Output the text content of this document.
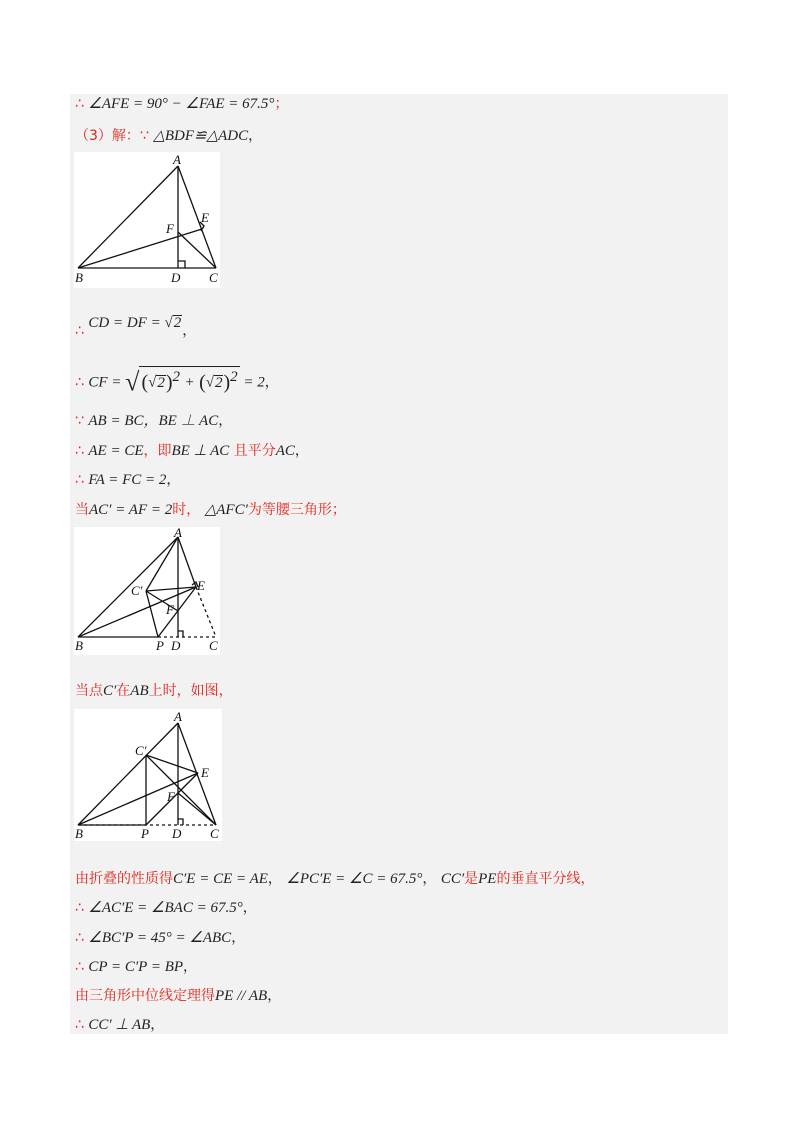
∴ ∠AFE = 90° − ∠FAE = 67.5°；
（3）解：∵ △BDF≌△ADC，
A
B	C
D
E
F
∴ CD = DF = √2，
∴ CF = √ $(√2)^2 + (√2)^2 = 2$，
∵ AB = BC，BE ⊥ AC，
∴ AE = CE，即BE ⊥ AC 且平分AC，
∴ FA = FC = 2，
当AC′ = AF = 2时， △AFC′为等腰三角形；
A
B	C
D
E
F
P
C′
当点C′在AB上时，如图，
A
B	C
D
E
F
P
C′
由折叠的性质得C′E = CE = AE， ∠PC′E = ∠C = 67.5°， CC′是PE的垂直平分线，
∴ ∠AC′E = ∠BAC = 67.5°，
∴ ∠BC′P = 45° = ∠ABC，
∴ CP = C′P = BP，
由三角形中位线定理得PE // AB，
∴ CC′ ⊥ AB，
